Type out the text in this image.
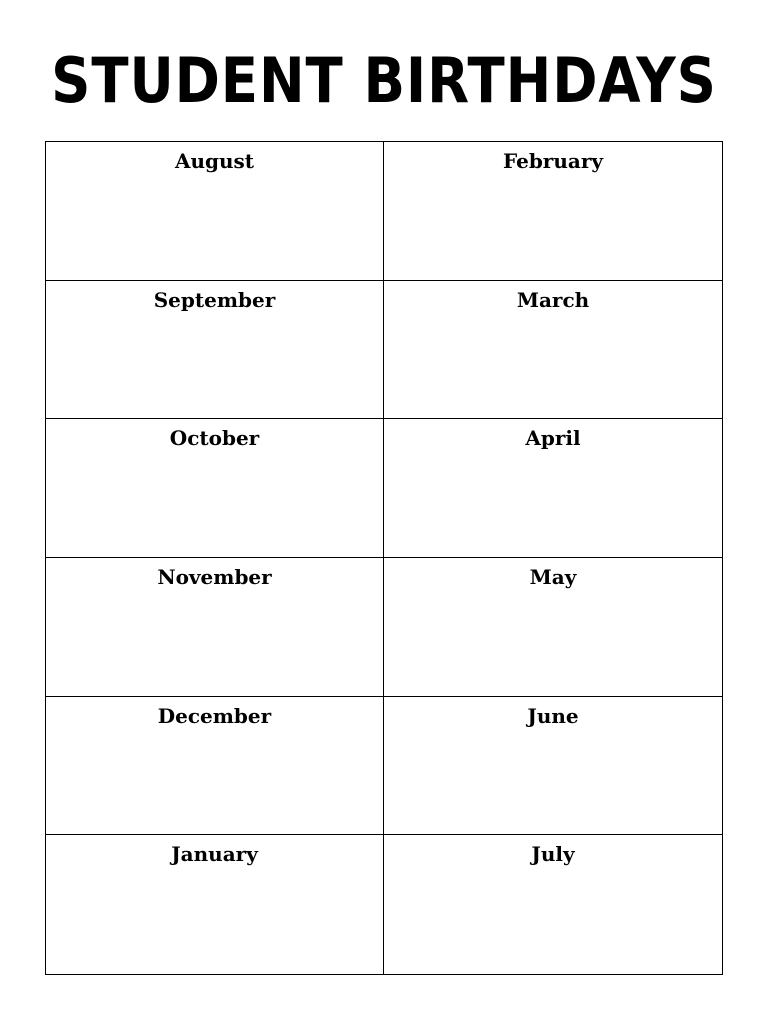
STUDENT BIRTHDAYS
August	February
September	March
October	April
November	May
December	June
January	July
